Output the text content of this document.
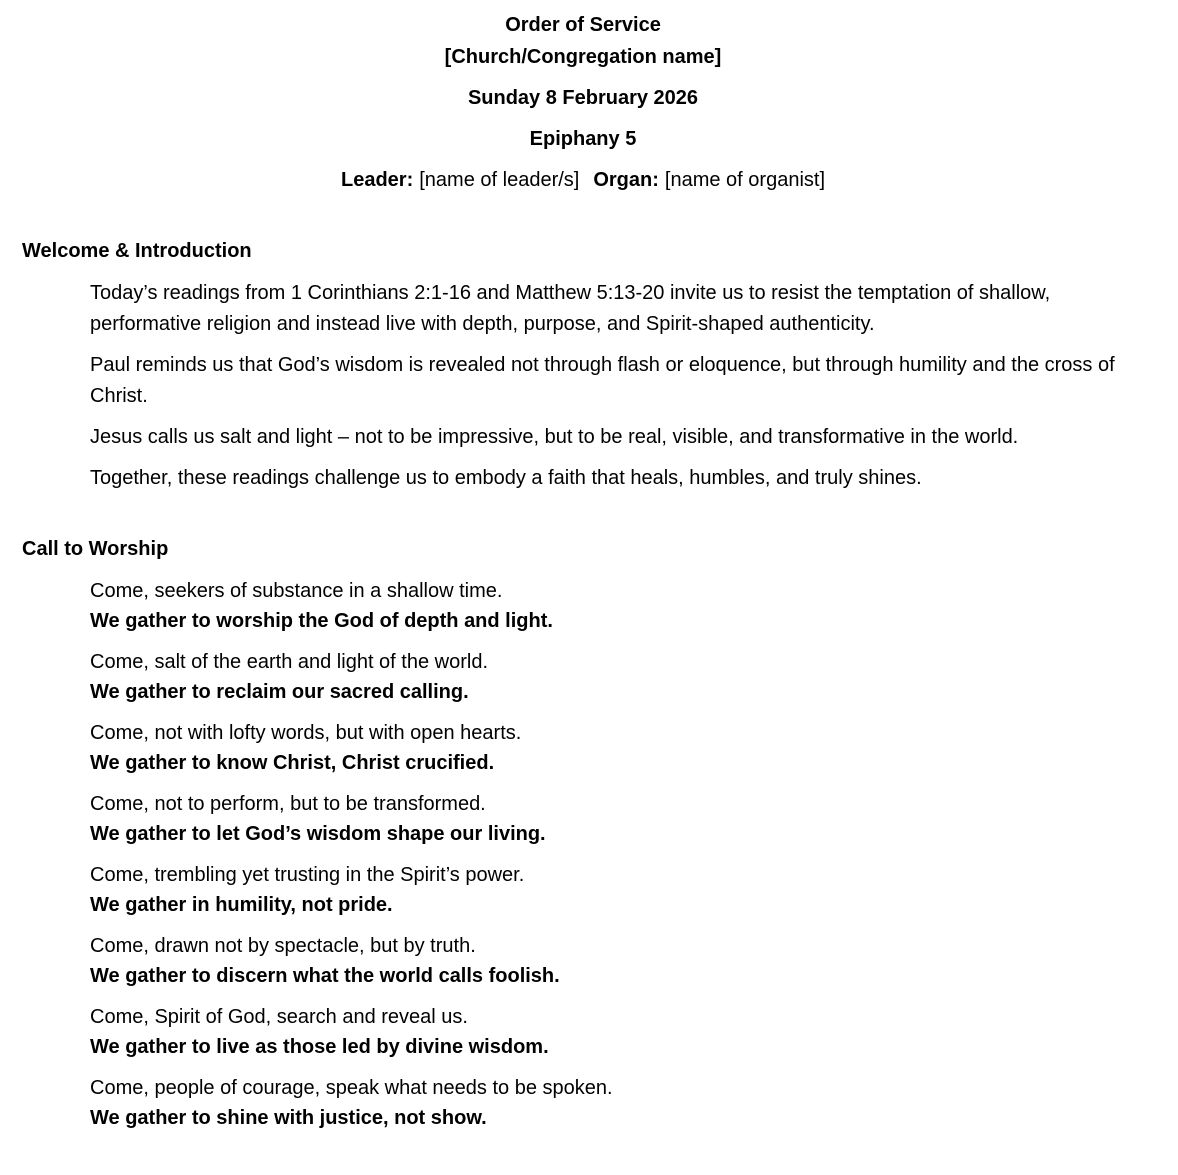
Order of Service

[Church/Congregation name]

Sunday 8 February 2026

Epiphany 5

Leader: [name of leader/s] Organ: [name of organist]

Welcome & Introduction

Today’s readings from 1 Corinthians 2:1-16 and Matthew 5:13-20 invite us to resist the temptation of shallow, performative religion and instead live with depth, purpose, and Spirit-shaped authenticity.

Paul reminds us that God’s wisdom is revealed not through flash or eloquence, but through humility and the cross of Christ.

Jesus calls us salt and light – not to be impressive, but to be real, visible, and transformative in the world.

Together, these readings challenge us to embody a faith that heals, humbles, and truly shines.

Call to Worship

Come, seekers of substance in a shallow time.
We gather to worship the God of depth and light.
Come, salt of the earth and light of the world.
We gather to reclaim our sacred calling.
Come, not with lofty words, but with open hearts.
We gather to know Christ, Christ crucified.
Come, not to perform, but to be transformed.
We gather to let God’s wisdom shape our living.
Come, trembling yet trusting in the Spirit’s power.
We gather in humility, not pride.
Come, drawn not by spectacle, but by truth.
We gather to discern what the world calls foolish.
Come, Spirit of God, search and reveal us.
We gather to live as those led by divine wisdom.
Come, people of courage, speak what needs to be spoken.
We gather to shine with justice, not show.
